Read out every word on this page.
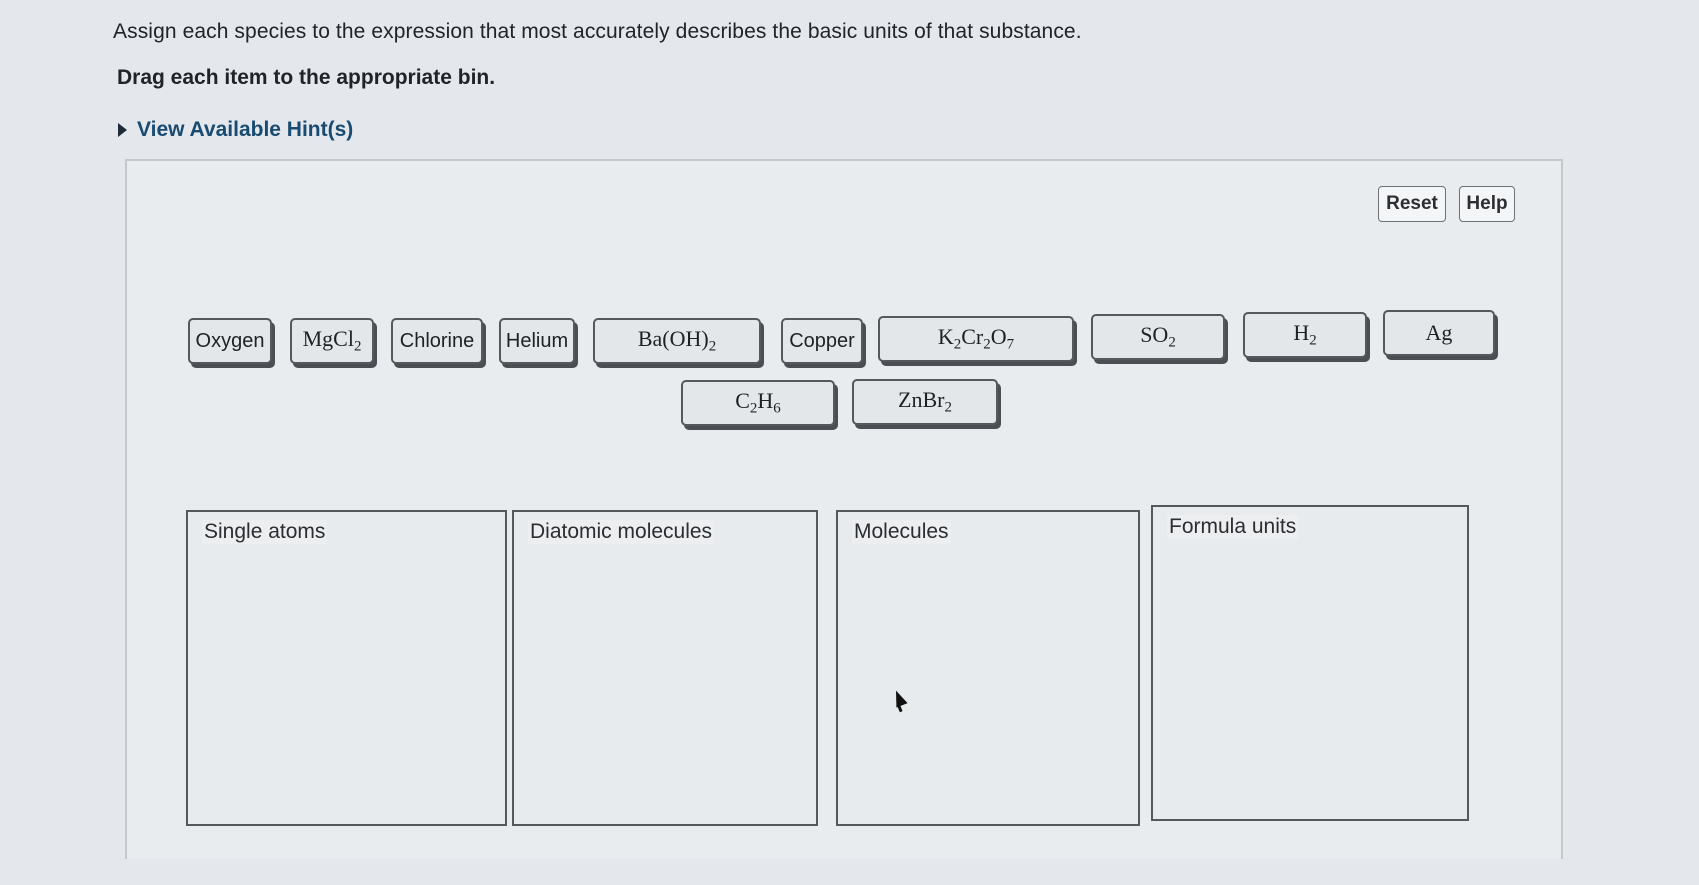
Assign each species to the expression that most accurately describes the basic units of that substance.
Drag each item to the appropriate bin.
View Available Hint(s)
Reset	Help
Oxygen MgCl$_2$ Chlorine Helium	$Ba(OH)_2$	Copper	$K_2Cr_2O_7$	$SO_2$	$H_2$	Ag
$C_2H_6$	ZnBr$_2$
Single atoms	Diatomic molecules	Molecules	Formula units
